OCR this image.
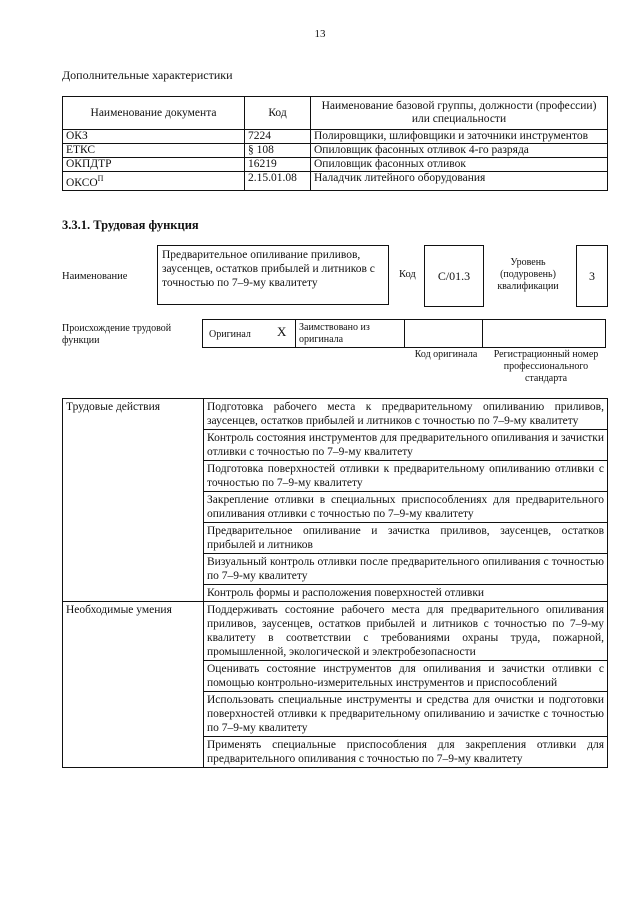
13
Дополнительные характеристики
Наименование документа	Код	Наименование базовой группы, должности (профессии) или специальности
ОКЗ	7224	Полировщики, шлифовщики и заточники инструментов
ЕТКС	§ 108	Опиловщик фасонных отливок 4-го разряда
ОКПДТР	16219	Опиловщик фасонных отливок
$ОКСО^П$	2.15.01.08	Наладчик литейного оборудования
3.3.1. Трудовая функция
Наименование
Предварительное опиливание приливов, заусенцев, остатков прибылей и литников с точностью по 7–9-му квалитету
Код	C/01.3
Уровень (подуровень) квалификации
3
Происхождение трудовой функции
Оригинал X	Заимствовано из оригинала
Код оригинала	Регистрационный номер профессионального стандарта
Трудовые действия	Подготовка рабочего места к предварительному опиливанию приливов, заусенцев, остатков прибылей и литников с точностью по 7–9-му квалитету
	Контроль состояния инструментов для предварительного опиливания и зачистки отливки с точностью по 7–9-му квалитету
	Подготовка поверхностей отливки к предварительному опиливанию отливки с точностью по 7–9-му квалитету
	Закрепление отливки в специальных приспособлениях для предварительного опиливания отливки с точностью по 7–9-му квалитету
	Предварительное опиливание и зачистка приливов, заусенцев, остатков прибылей и литников
	Визуальный контроль отливки после предварительного опиливания с точностью по 7–9-му квалитету
	Контроль формы и расположения поверхностей отливки
Необходимые умения	Поддерживать состояние рабочего места для предварительного опиливания приливов, заусенцев, остатков прибылей и литников с точностью по 7–9-му квалитету в соответствии с требованиями охраны труда, пожарной, промышленной, экологической и электробезопасности
	Оценивать состояние инструментов для опиливания и зачистки отливки с помощью контрольно-измерительных инструментов и приспособлений
	Использовать специальные инструменты и средства для очистки и подготовки поверхностей отливки к предварительному опиливанию и зачистке с точностью по 7–9-му квалитету
	Применять специальные приспособления для закрепления отливки для предварительного опиливания с точностью по 7–9-му квалитету
